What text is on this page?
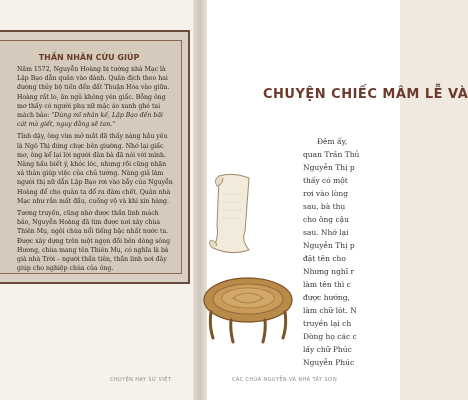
THẦN NHÂN CỨU GIÚP

Năm 1572, Nguyễn Hoàng bị tướng nhà Mạc là Lập Bạo dẫn quân vào đánh. Quân địch theo hai đường thủy bộ tiến đến đất Thuận Hóa vào giữa. Hoàng rất lo, ăn ngủ không yên giấc. Bỗng ông mơ thấy có người phụ nữ mặc áo xanh ghé tai mách bảo: "Dùng mĩ nhân kế, Lập Bạo đến bãi cát mà giết, nguy đằng sẽ tan."

Tỉnh dậy, ông vừa mở mắt đã thấy nàng hầu yêu là Ngô Thị đứng chực bên giường. Nhớ lại giấc mơ, ông kể lại lời người đàn bà đã nói với mình. Nàng hầu biết ý, khóc lóc, nhưng rồi cũng nhận xả thân giúp việc của chủ tướng. Nàng giả làm người thị nữ dẫn Lập Bạo rơi vào bẫy của Nguyễn Hoàng để cho quân ta đổ ra đâm chết. Quân nhà Mạc như rắn mất đầu, cuống vộ và khi xin hàng.

Tương truyền, cũng nhờ được thần linh mách bảo, Nguyễn Hoàng đã tìm được nơi xây chùa Thiên Mụ, ngôi chùa nổi tiếng bậc nhất nước ta. Được xây dựng trên một ngọn đồi bên dòng sông Hương, chùa mang tên Thiên Mụ, có nghĩa là bà già nhà Trời – người thần tiên, thần linh nơi đây giúp cho nghiệp chúa của ông.

CHUYỆN HAY SỬ VIỆT
CHUYỆN CHIẾC MÂM LỄ VÀ
Đêm ấy,
quan Trần Thủ
Nguyễn Thị p
thấy có một
rơi vào lòng
sau, bà thụ
cho ông cậu
sau. Nhớ lại
Nguyễn Thị p
đặt tên cho
Nhưng nghĩ r
làm tên thì c
được hướng,
làm chữ lót. N
truyền lại ch
Dòng họ các c
lấy chữ Phúc
Nguyễn Phúc
CÁC CHÚA NGUYỄN VÀ NHÀ TÂY SƠN
